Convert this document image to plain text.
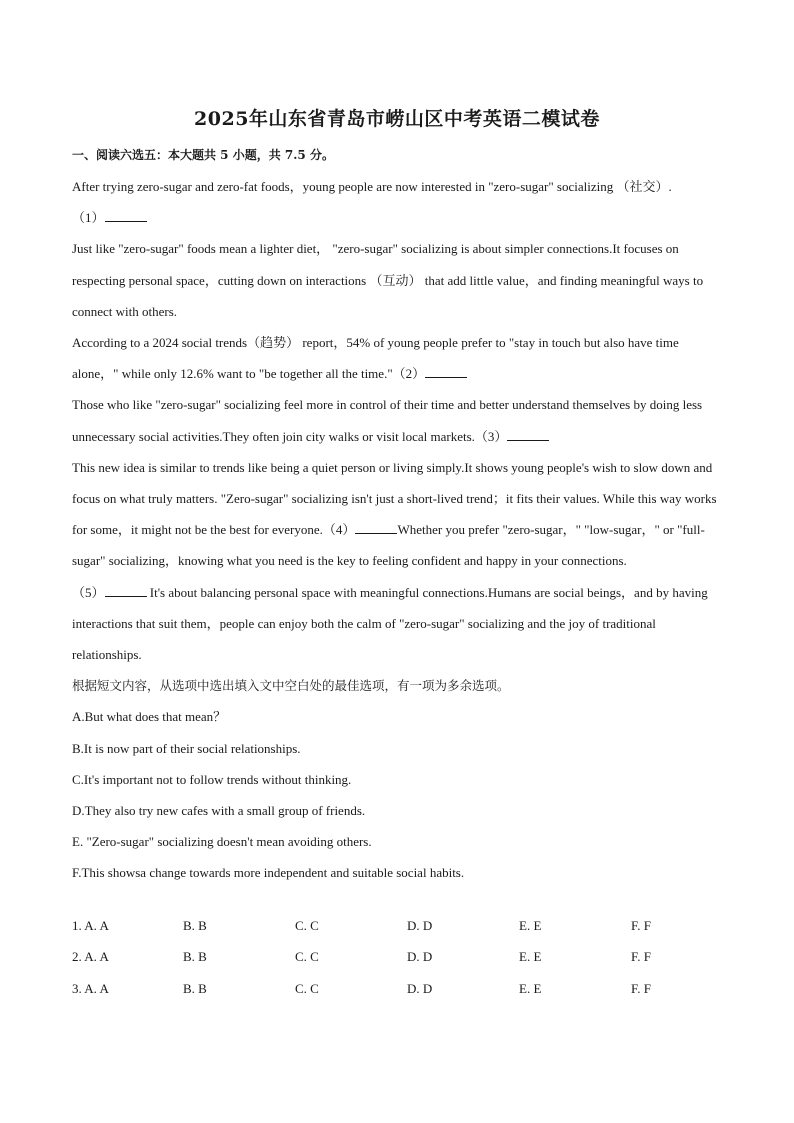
2025年山东省青岛市崂山区中考英语二模试卷
一、阅读六选五：本大题共 5 小题，共 7.5 分。

After trying zero-sugar and zero-fat foods，young people are now interested in "zero-sugar" socializing （社交）.

（1）

Just like "zero-sugar" foods mean a lighter diet， "zero-sugar" socializing is about simpler connections.It focuses on respecting personal space，cutting down on interactions （互动） that add little value，and finding meaningful ways to connect with others.

According to a 2024 social trends（趋势） report，54% of young people prefer to "stay in touch but also have time alone，" while only 12.6% want to "be together all the time."（2）

Those who like "zero-sugar" socializing feel more in control of their time and better understand themselves by doing less unnecessary social activities.They often join city walks or visit local markets.（3）

This new idea is similar to trends like being a quiet person or living simply.It shows young people's wish to slow down and focus on what truly matters. "Zero-sugar" socializing isn't just a short-lived trend；it fits their values. While this way works for some，it might not be the best for everyone.（4）	Whether you prefer "zero-sugar，" "low-sugar，" or "full-sugar" socializing，knowing what you need is the key to feeling confident and happy in your connections.

（5）	It's about balancing personal space with meaningful connections.Humans are social beings，and by having interactions that suit them，people can enjoy both the calm of "zero-sugar" socializing and the joy of traditional relationships.

根据短文内容，从选项中选出填入文中空白处的最佳选项，有一项为多余选项。

A.But what does that mean？

B.It is now part of their social relationships.

C.It's important not to follow trends without thinking.

D.They also try new cafes with a small group of friends.

E. "Zero-sugar" socializing doesn't mean avoiding others.

F.This showsa change towards more independent and suitable social habits.

1. A. A	B. B	C. C	D. D	E. E	F. F
2. A. A	B. B	C. C	D. D	E. E	F. F
3. A. A	B. B	C. C	D. D	E. E	F. F
